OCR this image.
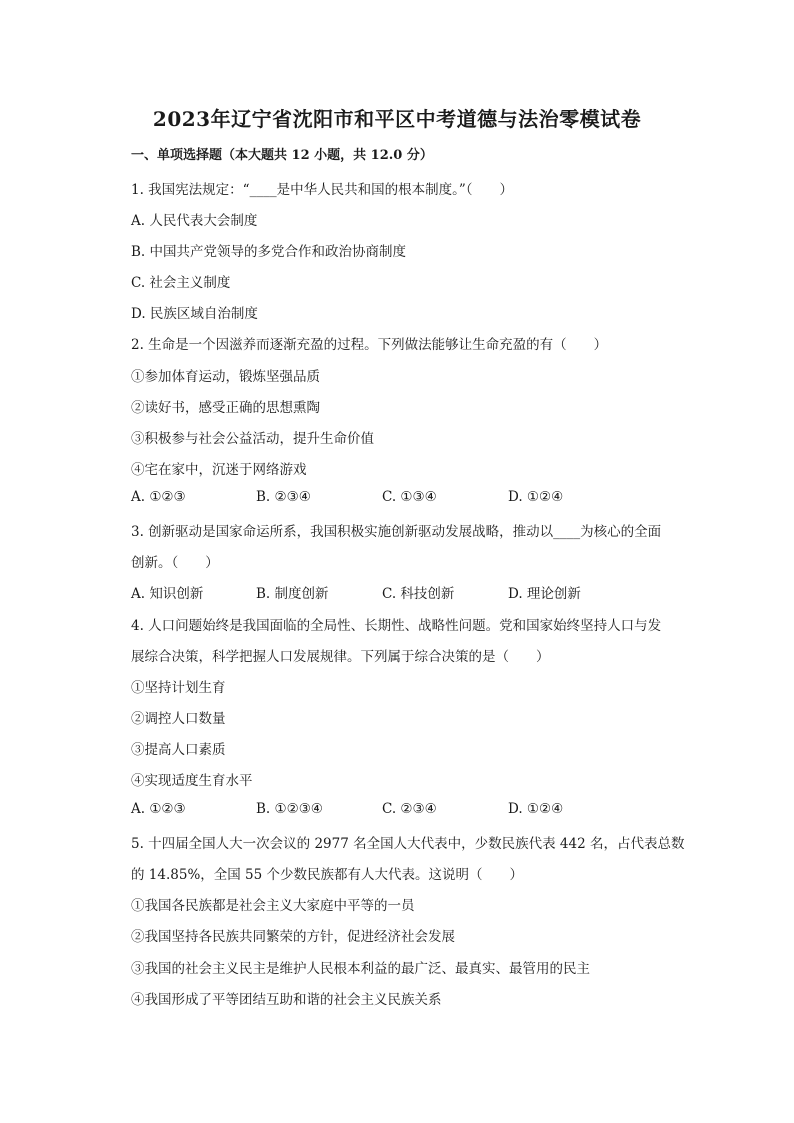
2023年辽宁省沈阳市和平区中考道德与法治零模试卷
一、单项选择题（本大题共 12 小题，共 12.0 分）
1. 我国宪法规定：“____是中华人民共和国的根本制度。”（　　）
A. 人民代表大会制度
B. 中国共产党领导的多党合作和政治协商制度
C. 社会主义制度
D. 民族区域自治制度
2. 生命是一个因滋养而逐渐充盈的过程。下列做法能够让生命充盈的有（　　）
①参加体育运动，锻炼坚强品质
②读好书，感受正确的思想熏陶
③积极参与社会公益活动，提升生命价值
④宅在家中，沉迷于网络游戏
A. ①②③	B. ②③④	C. ①③④	D. ①②④
3. 创新驱动是国家命运所系，我国积极实施创新驱动发展战略，推动以____为核心的全面
创新。（　　）
A. 知识创新	B. 制度创新	C. 科技创新	D. 理论创新
4. 人口问题始终是我国面临的全局性、长期性、战略性问题。党和国家始终坚持人口与发
展综合决策，科学把握人口发展规律。下列属于综合决策的是（　　）
①坚持计划生育
②调控人口数量
③提高人口素质
④实现适度生育水平
A. ①②③	B. ①②③④	C. ②③④	D. ①②④
5. 十四届全国人大一次会议的 2977 名全国人大代表中，少数民族代表 442 名，占代表总数
的 14.85%，全国 55 个少数民族都有人大代表。这说明（　　）
①我国各民族都是社会主义大家庭中平等的一员
②我国坚持各民族共同繁荣的方针，促进经济社会发展
③我国的社会主义民主是维护人民根本利益的最广泛、最真实、最管用的民主
④我国形成了平等团结互助和谐的社会主义民族关系
